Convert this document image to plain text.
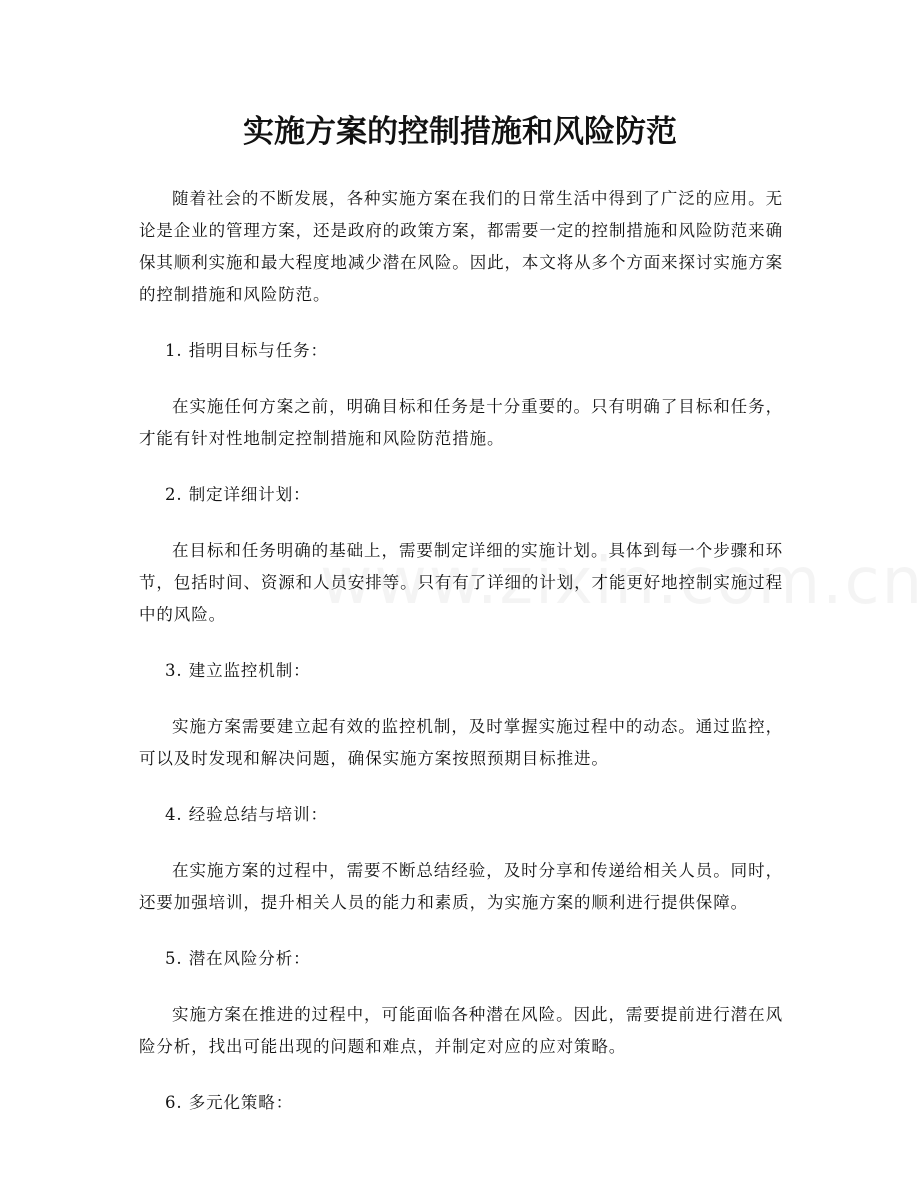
实施方案的控制措施和风险防范

随着社会的不断发展，各种实施方案在我们的日常生活中得到了广泛的应用。无论是企业的管理方案，还是政府的政策方案，都需要一定的控制措施和风险防范来确保其顺利实施和最大程度地减少潜在风险。因此，本文将从多个方面来探讨实施方案的控制措施和风险防范。

1. 指明目标与任务：

在实施任何方案之前，明确目标和任务是十分重要的。只有明确了目标和任务，才能有针对性地制定控制措施和风险防范措施。

2. 制定详细计划：

在目标和任务明确的基础上，需要制定详细的实施计划。具体到每一个步骤和环节，包括时间、资源和人员安排等。只有有了详细的计划，才能更好地控制实施过程中的风险。

3. 建立监控机制：

实施方案需要建立起有效的监控机制，及时掌握实施过程中的动态。通过监控，可以及时发现和解决问题，确保实施方案按照预期目标推进。

4. 经验总结与培训：

在实施方案的过程中，需要不断总结经验，及时分享和传递给相关人员。同时，还要加强培训，提升相关人员的能力和素质，为实施方案的顺利进行提供保障。

5. 潜在风险分析：

实施方案在推进的过程中，可能面临各种潜在风险。因此，需要提前进行潜在风险分析，找出可能出现的问题和难点，并制定对应的应对策略。

6. 多元化策略：
